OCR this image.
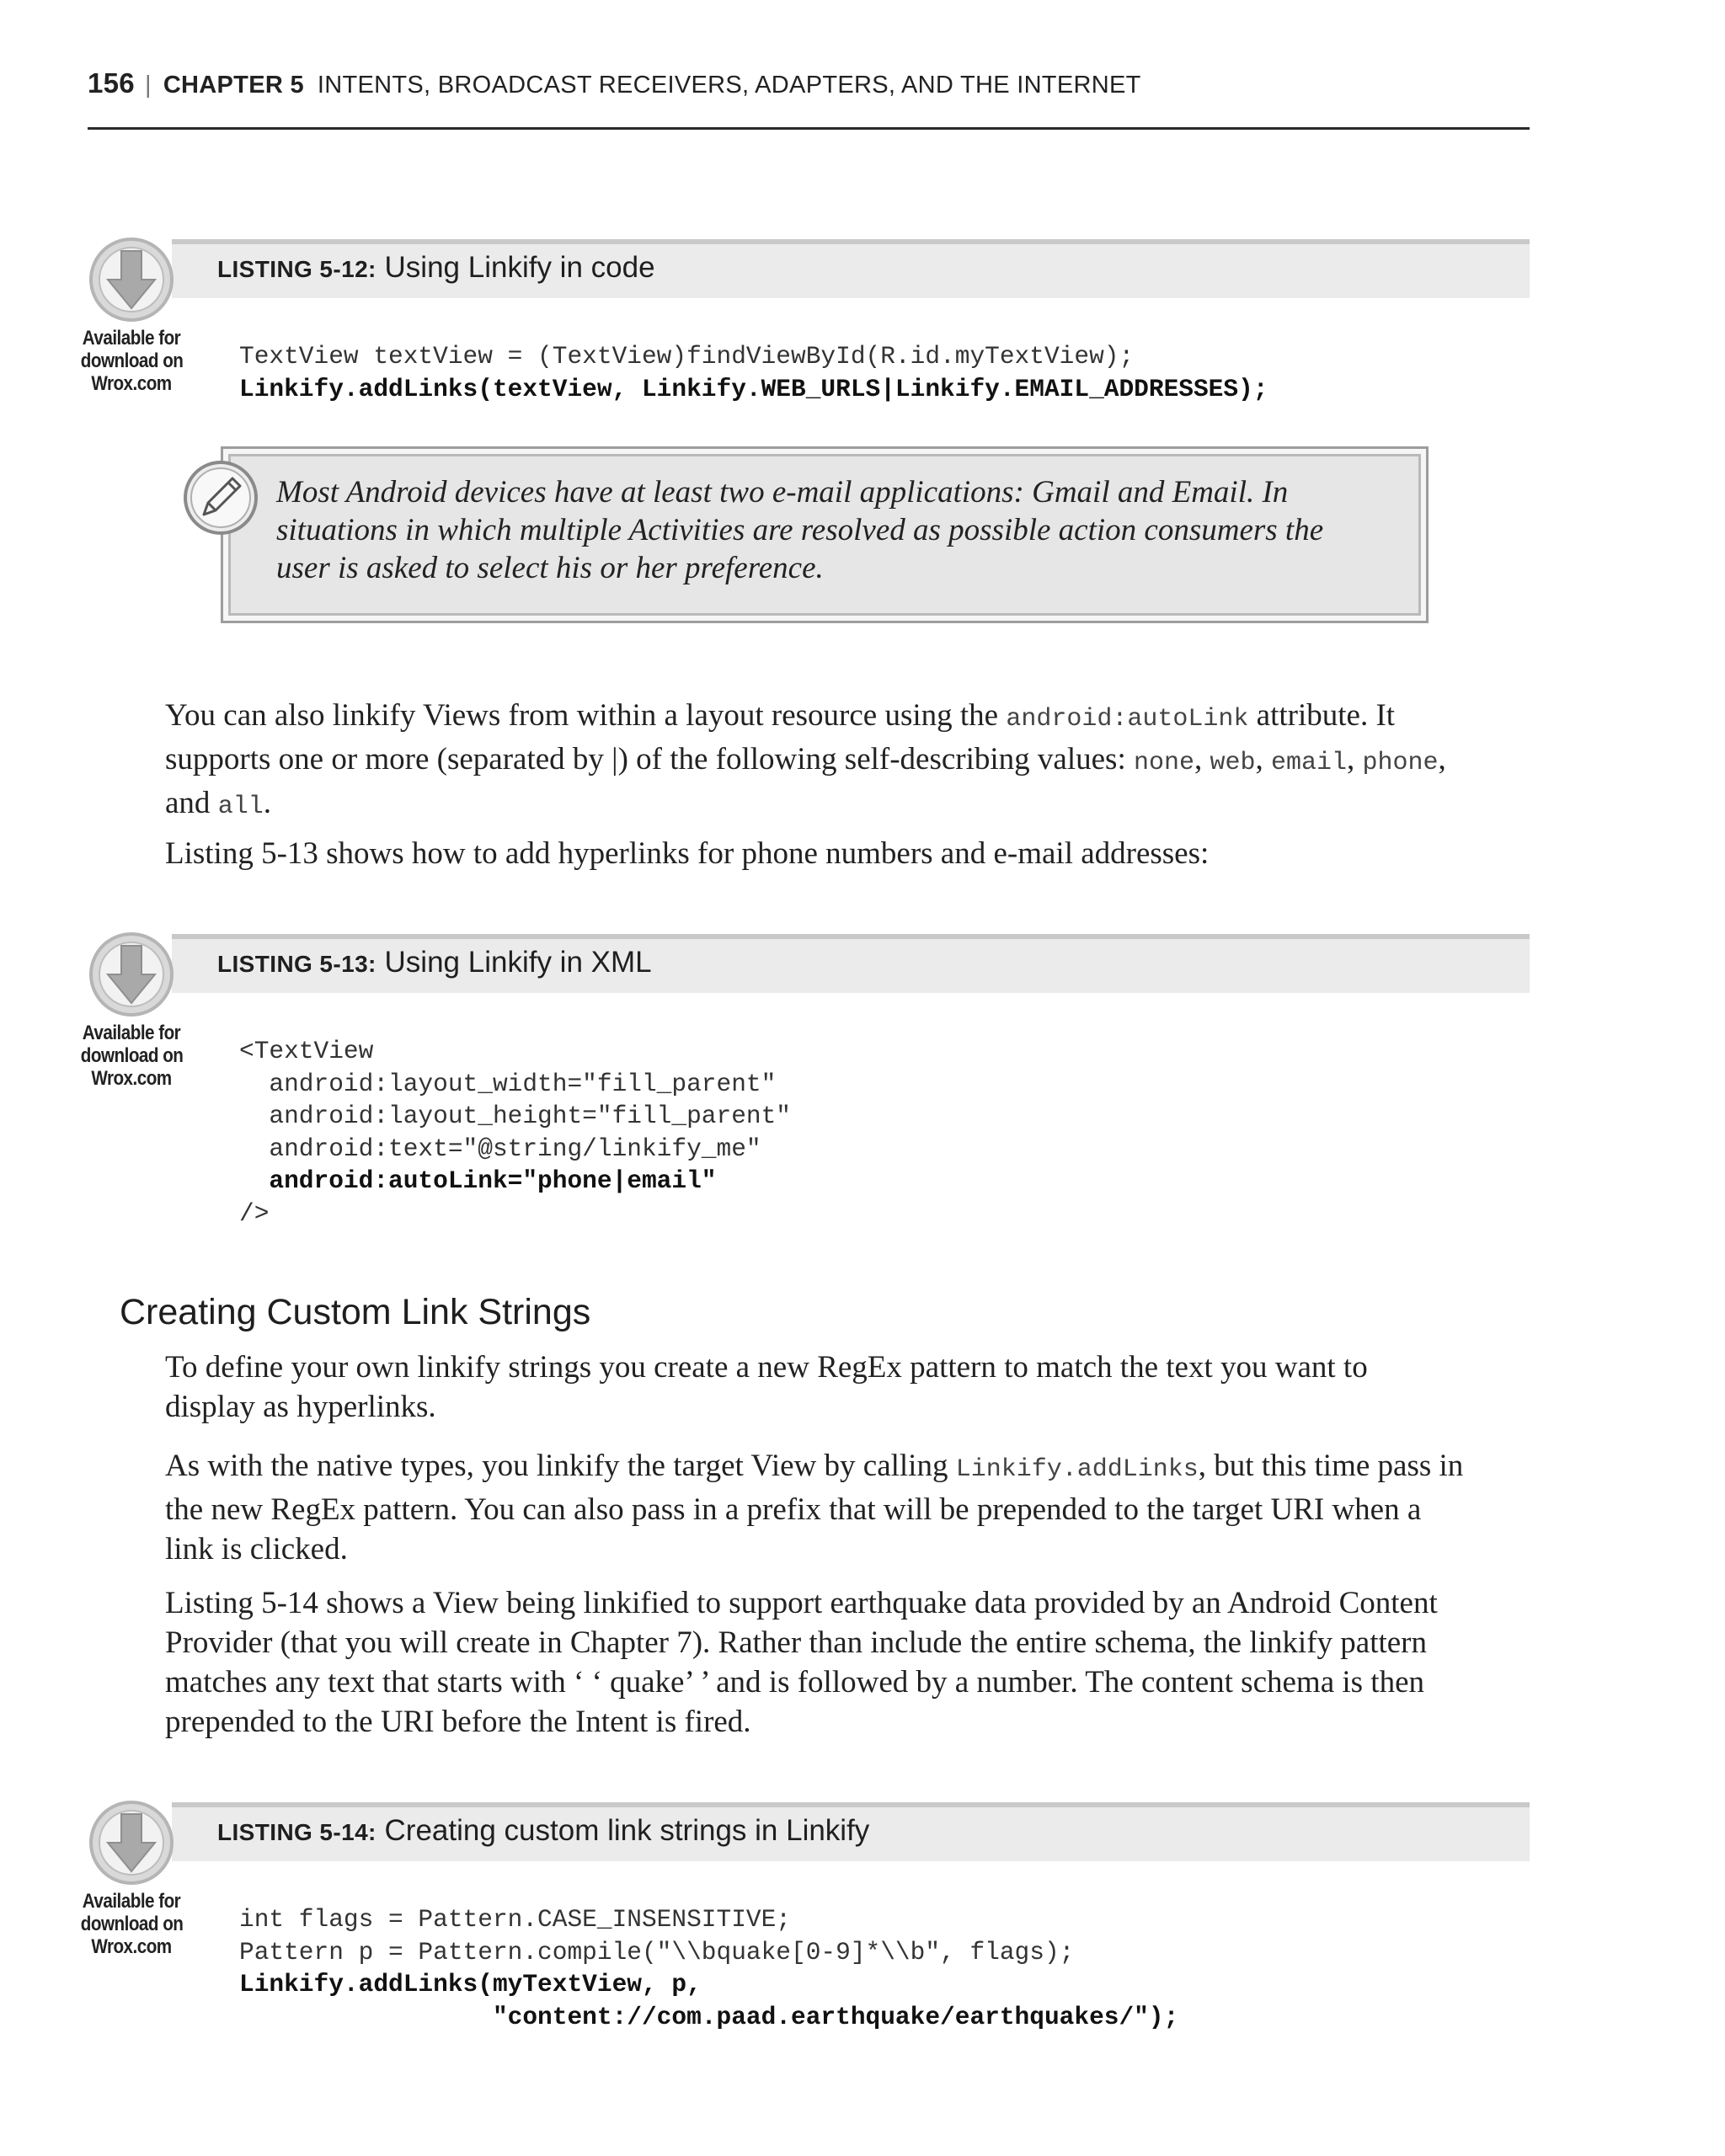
156 | CHAPTER 5 INTENTS, BROADCAST RECEIVERS, ADAPTERS, AND THE INTERNET
LISTING 5-12: Using Linkify in code
Available for
download on
Wrox.com
TextView textView = (TextView)findViewById(R.id.myTextView);
Linkify.addLinks(textView, Linkify.WEB_URLS|Linkify.EMAIL_ADDRESSES);
Most Android devices have at least two e-mail applications: Gmail and Email. In
situations in which multiple Activities are resolved as possible action consumers the
user is asked to select his or her preference.
You can also linkify Views from within a layout resource using the android:autoLink attribute. It
supports one or more (separated by |) of the following self-describing values: none, web, email, phone,
and all.
Listing 5-13 shows how to add hyperlinks for phone numbers and e-mail addresses:
LISTING 5-13: Using Linkify in XML
Available for
download on
Wrox.com
<TextView
android:layout_width="fill_parent"
android:layout_height="fill_parent"
android:text="@string/linkify_me"
android:autoLink="phone|email"
/>
Creating Custom Link Strings
To define your own linkify strings you create a new RegEx pattern to match the text you want to
display as hyperlinks.
As with the native types, you linkify the target View by calling Linkify.addLinks, but this time pass in
the new RegEx pattern. You can also pass in a prefix that will be prepended to the target URI when a
link is clicked.
Listing 5-14 shows a View being linkified to support earthquake data provided by an Android Content
Provider (that you will create in Chapter 7). Rather than include the entire schema, the linkify pattern
matches any text that starts with ‘ ‘ quake’ ’ and is followed by a number. The content schema is then
prepended to the URI before the Intent is fired.
LISTING 5-14: Creating custom link strings in Linkify
Available for
download on
Wrox.com
int flags = Pattern.CASE_INSENSITIVE;
Pattern p = Pattern.compile("\\bquake[0-9]*\\b", flags);
Linkify.addLinks(myTextView, p,
"content://com.paad.earthquake/earthquakes/");
